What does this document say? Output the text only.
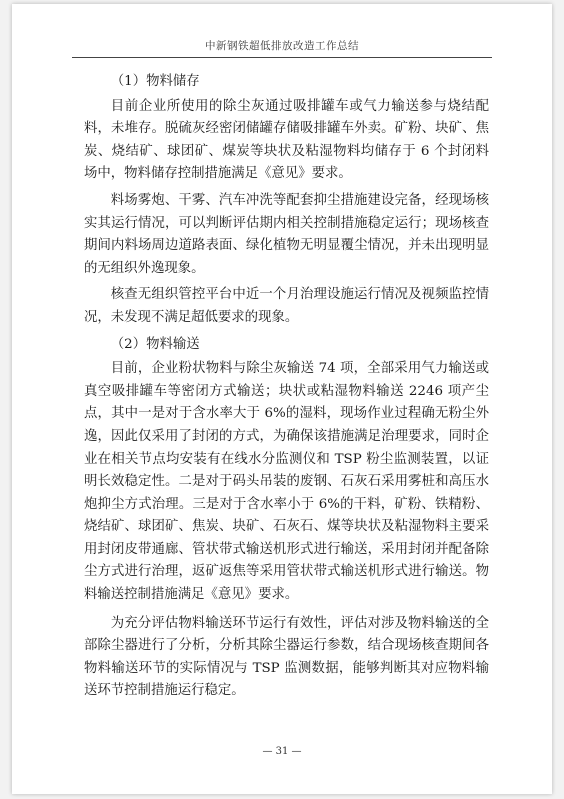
中新钢铁超低排放改造工作总结
（1）物料储存

目前企业所使用的除尘灰通过吸排罐车或气力输送参与烧结配料，未堆存。脱硫灰经密闭储罐存储吸排罐车外卖。矿粉、块矿、焦炭、烧结矿、球团矿、煤炭等块状及粘湿物料均储存于 6 个封闭料场中，物料储存控制措施满足《意见》要求。

料场雾炮、干雾、汽车冲洗等配套抑尘措施建设完备，经现场核实其运行情况，可以判断评估期内相关控制措施稳定运行；现场核查期间内料场周边道路表面、绿化植物无明显覆尘情况，并未出现明显的无组织外逸现象。

核查无组织管控平台中近一个月治理设施运行情况及视频监控情况，未发现不满足超低要求的现象。

（2）物料输送

目前，企业粉状物料与除尘灰输送 74 项，全部采用气力输送或真空吸排罐车等密闭方式输送；块状或粘湿物料输送 2246 项产尘点，其中一是对于含水率大于 6%的湿料，现场作业过程确无粉尘外逸，因此仅采用了封闭的方式，为确保该措施满足治理要求，同时企业在相关节点均安装有在线水分监测仪和 TSP 粉尘监测装置，以证明长效稳定性。二是对于码头吊装的废钢、石灰石采用雾桩和高压水炮抑尘方式治理。三是对于含水率小于 6%的干料，矿粉、铁精粉、烧结矿、球团矿、焦炭、块矿、石灰石、煤等块状及粘湿物料主要采用封闭皮带通廊、管状带式输送机形式进行输送，采用封闭并配备除尘方式进行治理，返矿返焦等采用管状带式输送机形式进行输送。物料输送控制措施满足《意见》要求。

为充分评估物料输送环节运行有效性，评估对涉及物料输送的全部除尘器进行了分析，分析其除尘器运行参数，结合现场核查期间各物料输送环节的实际情况与 TSP 监测数据，能够判断其对应物料输送环节控制措施运行稳定。

— 31 —
